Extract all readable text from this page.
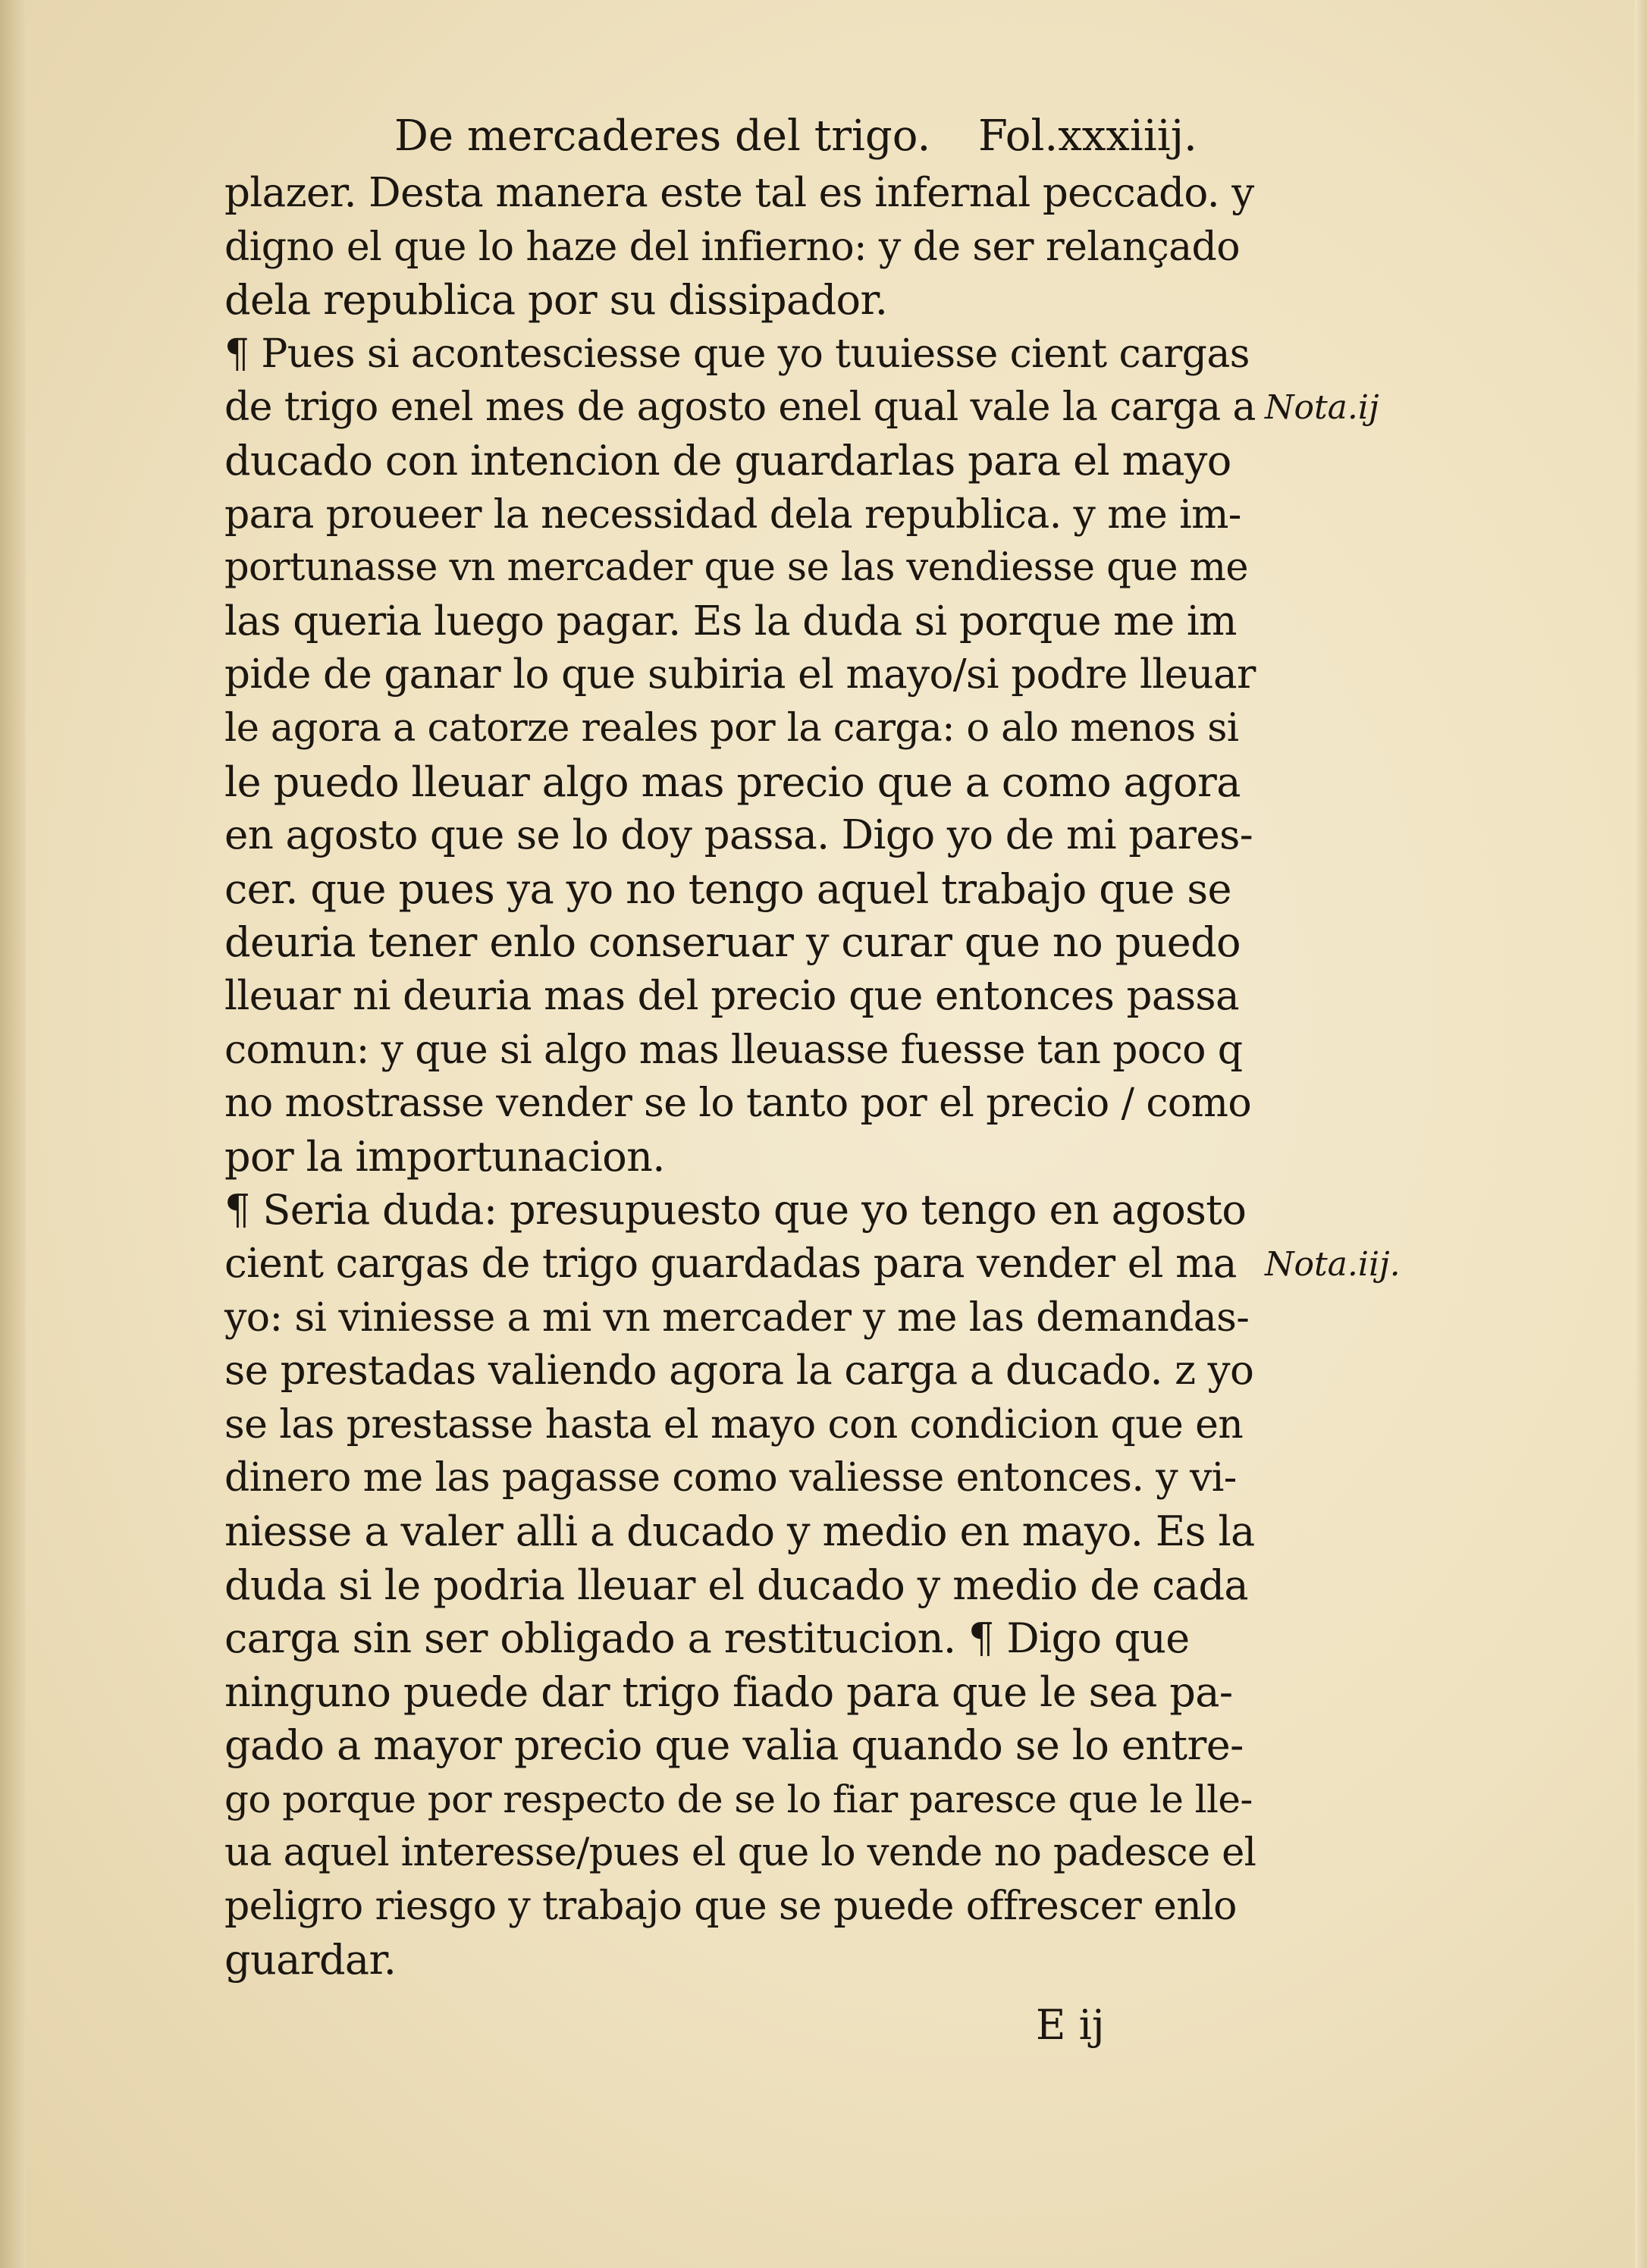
De mercaderes del trigo. Fol.xxxiiij.
plazer. Desta manera este tal es infernal peccado. y
digno el que lo haze del infierno: y de ser relançado
dela republica por su dissipador.
¶ Pues si acontesciesse que yo tuuiesse cient cargas
de trigo enel mes de agosto enel qual vale la carga a
ducado con intencion de guardarlas para el mayo
para proueer la necessidad dela republica. y me im-
portunasse vn mercader que se las vendiesse que me
las queria luego pagar. Es la duda si porque me im
pide de ganar lo que subiria el mayo/si podre lleuar
le agora a catorze reales por la carga: o alo menos si
le puedo lleuar algo mas precio que a como agora
en agosto que se lo doy passa. Digo yo de mi pares-
cer. que pues ya yo no tengo aquel trabajo que se
deuria tener enlo conseruar y curar que no puedo
lleuar ni deuria mas del precio que entonces passa
comun: y que si algo mas lleuasse fuesse tan poco q
no mostrasse vender se lo tanto por el precio / como
por la importunacion.
¶ Seria duda: presupuesto que yo tengo en agosto
cient cargas de trigo guardadas para vender el ma
yo: si viniesse a mi vn mercader y me las demandas-
se prestadas valiendo agora la carga a ducado. z yo
se las prestasse hasta el mayo con condicion que en
dinero me las pagasse como valiesse entonces. y vi-
niesse a valer alli a ducado y medio en mayo. Es la
duda si le podria lleuar el ducado y medio de cada
carga sin ser obligado a restitucion. ¶ Digo que
ninguno puede dar trigo fiado para que le sea pa-
gado a mayor precio que valia quando se lo entre-
go porque por respecto de se lo fiar paresce que le lle-
ua aquel interesse/pues el que lo vende no padesce el
peligro riesgo y trabajo que se puede offrescer enlo
guardar.
Nota.ij
Nota.iij.
E ij
